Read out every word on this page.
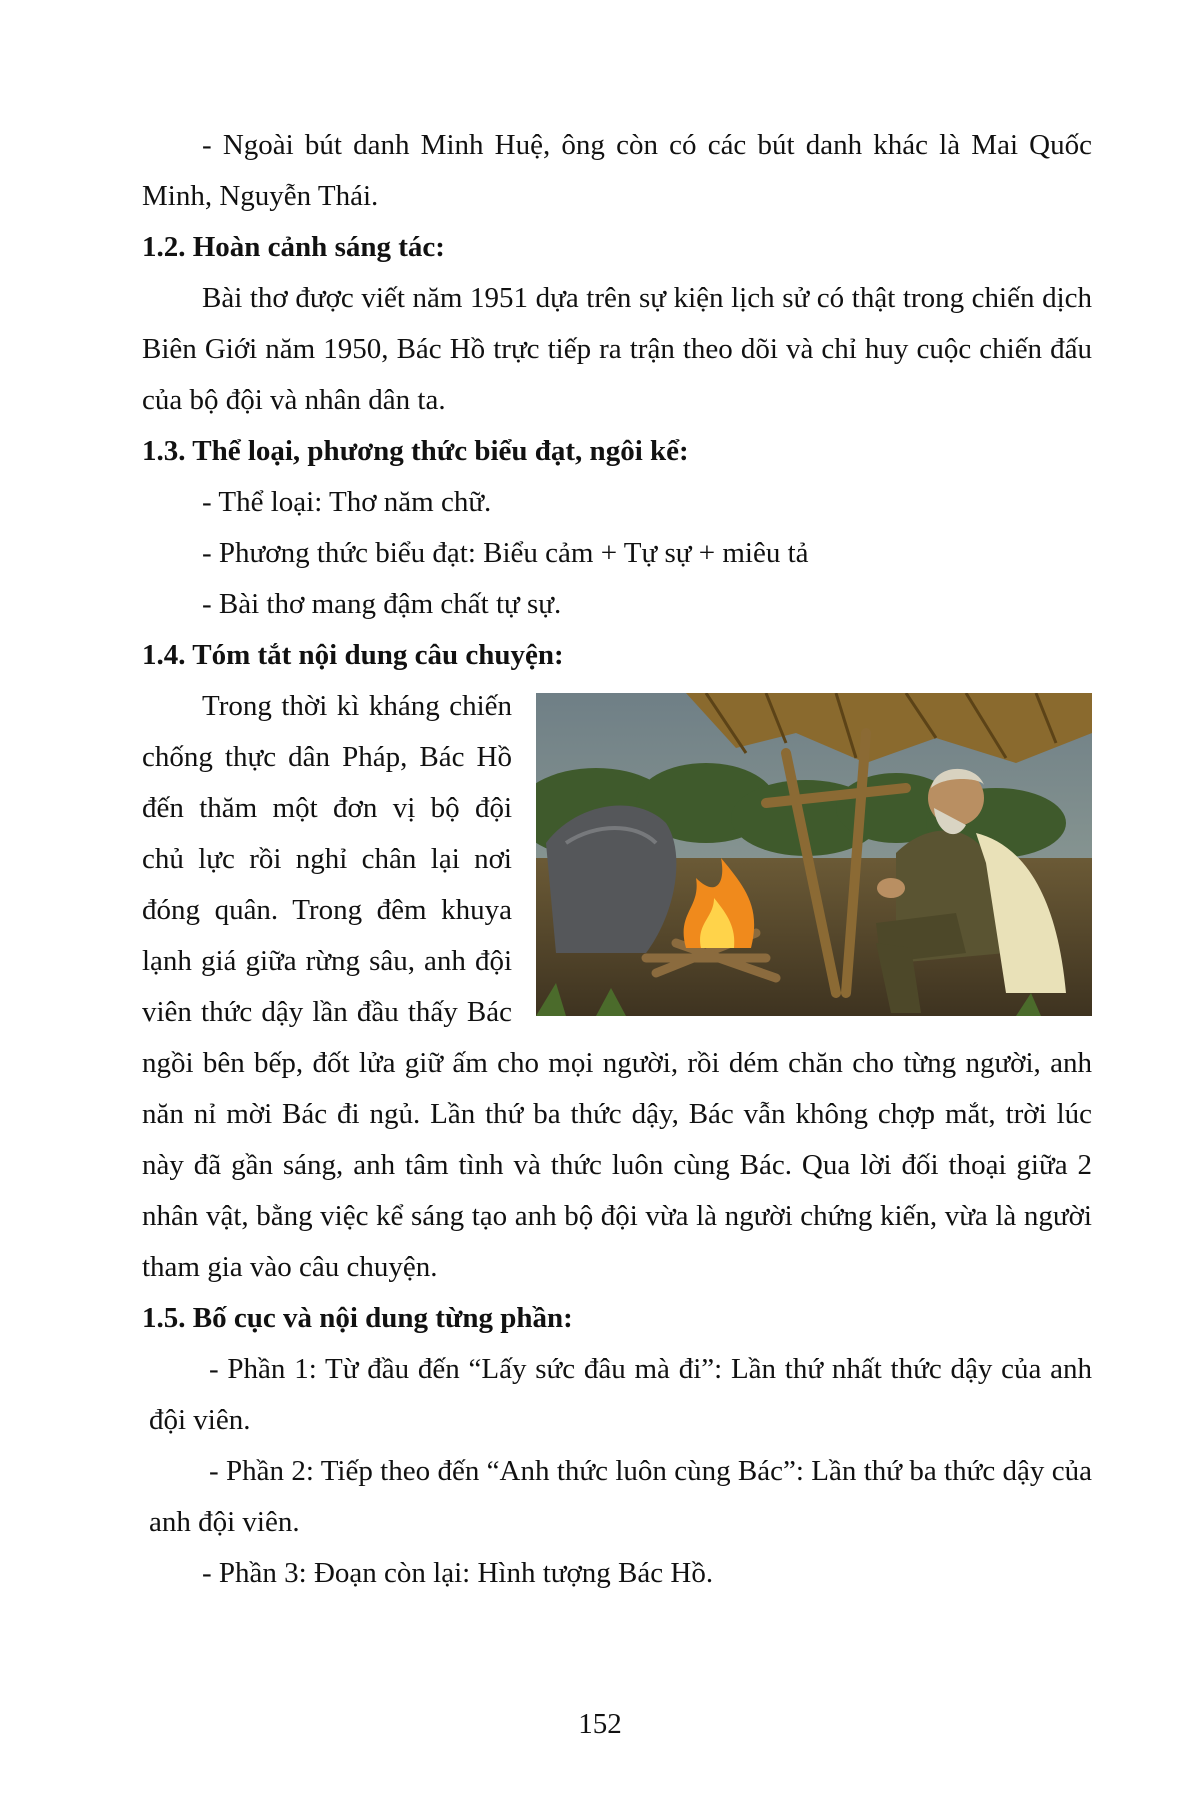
- Ngoài bút danh Minh Huệ, ông còn có các bút danh khác là Mai Quốc Minh, Nguyễn Thái.

1.2. Hoàn cảnh sáng tác:

Bài thơ được viết năm 1951 dựa trên sự kiện lịch sử có thật trong chiến dịch Biên Giới năm 1950, Bác Hồ trực tiếp ra trận theo dõi và chỉ huy cuộc chiến đấu của bộ đội và nhân dân ta.

1.3. Thể loại, phương thức biểu đạt, ngôi kể:

- Thể loại: Thơ năm chữ.

- Phương thức biểu đạt: Biểu cảm + Tự sự + miêu tả

- Bài thơ mang đậm chất tự sự.

1.4. Tóm tắt nội dung câu chuyện:

Trong thời kì kháng chiến chống thực dân Pháp, Bác Hồ đến thăm một đơn vị bộ đội chủ lực rồi nghỉ chân lại nơi đóng quân. Trong đêm khuya lạnh giá giữa rừng sâu, anh đội viên thức dậy lần đầu thấy Bác ngồi bên bếp, đốt lửa giữ ấm cho mọi người, rồi dém chăn cho từng người, anh năn nỉ mời Bác đi ngủ. Lần thứ ba thức dậy, Bác vẫn không chợp mắt, trời lúc này đã gần sáng, anh tâm tình và thức luôn cùng Bác. Qua lời đối thoại giữa 2 nhân vật, bằng việc kể sáng tạo anh bộ đội vừa là người chứng kiến, vừa là người tham gia vào câu chuyện.

1.5. Bố cục và nội dung từng phần:

- Phần 1: Từ đầu đến “Lấy sức đâu mà đi”: Lần thứ nhất thức dậy của anh đội viên.

- Phần 2: Tiếp theo đến “Anh thức luôn cùng Bác”: Lần thứ ba thức dậy của anh đội viên.

- Phần 3: Đoạn còn lại: Hình tượng Bác Hồ.

152
